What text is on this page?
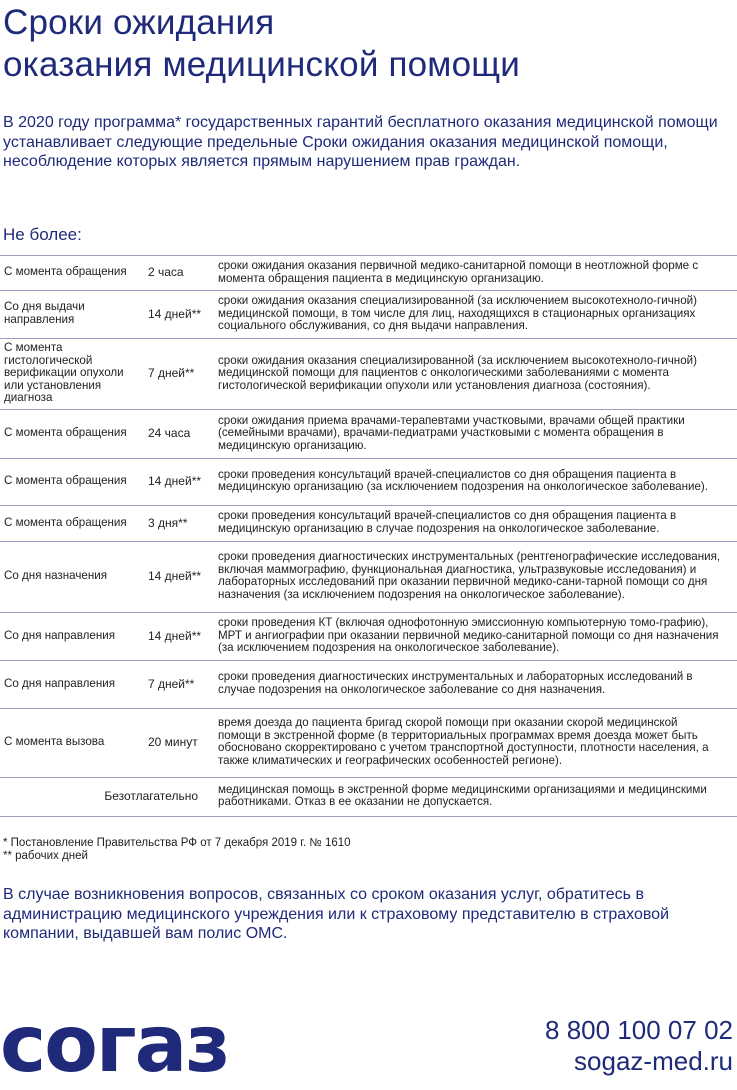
Сроки ожидания
оказания медицинской помощи

В 2020 году программа* государственных гарантий бесплатного оказания медицинской помощи устанавливает следующие предельные Сроки ожидания оказания медицинской помощи, несоблюдение которых является прямым нарушением прав граждан.

Не более:

С момента обращения	2 часа	сроки ожидания оказания первичной медико-санитарной помощи в неотложной форме с момента обращения пациента в медицинскую организацию.
Со дня выдачи направления	14 дней**	сроки ожидания оказания специализированной (за исключением высокотехноло-гичной) медицинской помощи, в том числе для лиц, находящихся в стационарных организациях социального обслуживания, со дня выдачи направления.
С момента гистологической верификации опухоли или установления диагноза	7 дней**	сроки ожидания оказания специализированной (за исключением высокотехноло-гичной) медицинской помощи для пациентов с онкологическими заболеваниями с момента гистологической верификации опухоли или установления диагноза (состояния).
С момента обращения	24 часа	сроки ожидания приема врачами-терапевтами участковыми, врачами общей практики (семейными врачами), врачами-педиатрами участковыми с момента обращения в медицинскую организацию.
С момента обращения	14 дней**	сроки проведения консультаций врачей-специалистов со дня обращения пациента в медицинскую организацию (за исключением подозрения на онкологическое заболевание).
С момента обращения	3 дня**	сроки проведения консультаций врачей-специалистов со дня обращения пациента в медицинскую организацию в случае подозрения на онкологическое заболевание.
Со дня назначения	14 дней**	сроки проведения диагностических инструментальных (рентгенографические исследования, включая маммографию, функциональная диагностика, ультразвуковые исследования) и лабораторных исследований при оказании первичной медико-сани-тарной помощи со дня назначения (за исключением подозрения на онкологическое заболевание).
Со дня направления	14 дней**	сроки проведения КТ (включая однофотонную эмиссионную компьютерную томо-графию), МРТ и ангиографии при оказании первичной медико-санитарной помощи со дня назначения (за исключением подозрения на онкологическое заболевание).
Со дня направления	7 дней**	сроки проведения диагностических инструментальных и лабораторных исследований в случае подозрения на онкологическое заболевание со дня назначения.
С момента вызова	20 минут	время доезда до пациента бригад скорой помощи при оказании скорой медицинской помощи в экстренной форме (в территориальных программах время доезда может быть обосновано скорректировано с учетом транспортной доступности, плотности населения, а также климатических и географических особенностей регионе).
Безотлагательно		медицинская помощь в экстренной форме медицинскими организациями и медицинскими работниками. Отказ в ее оказании не допускается.
* Постановление Правительства РФ от 7 декабря 2019 г. № 1610
** рабочих дней

В случае возникновения вопросов, связанных со сроком оказания услуг, обратитесь в администрацию медицинского учреждения или к страховому представителю в страховой компании, выдавшей вам полис ОМС.

согаз	8 800 100 07 02
sogaz-med.ru
